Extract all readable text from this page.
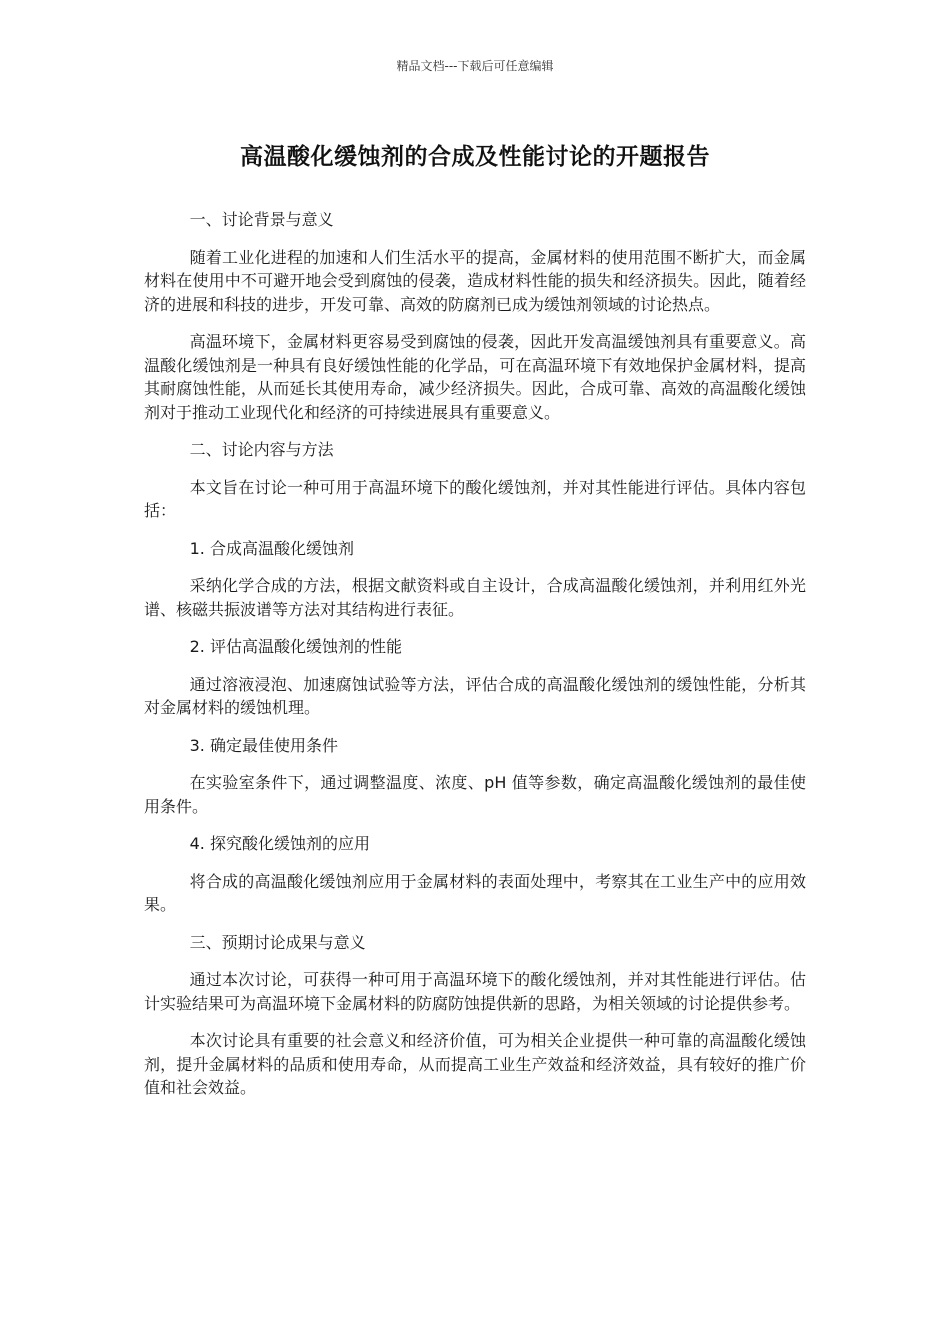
精品文档---下载后可任意编辑
高温酸化缓蚀剂的合成及性能讨论的开题报告

一、讨论背景与意义

随着工业化进程的加速和人们生活水平的提高，金属材料的使用范围不断扩大，而金属材料在使用中不可避开地会受到腐蚀的侵袭，造成材料性能的损失和经济损失。因此，随着经济的进展和科技的进步，开发可靠、高效的防腐剂已成为缓蚀剂领域的讨论热点。

高温环境下，金属材料更容易受到腐蚀的侵袭，因此开发高温缓蚀剂具有重要意义。高温酸化缓蚀剂是一种具有良好缓蚀性能的化学品，可在高温环境下有效地保护金属材料，提高其耐腐蚀性能，从而延长其使用寿命，减少经济损失。因此，合成可靠、高效的高温酸化缓蚀剂对于推动工业现代化和经济的可持续进展具有重要意义。

二、讨论内容与方法

本文旨在讨论一种可用于高温环境下的酸化缓蚀剂，并对其性能进行评估。具体内容包括：

1. 合成高温酸化缓蚀剂

采纳化学合成的方法，根据文献资料或自主设计，合成高温酸化缓蚀剂，并利用红外光谱、核磁共振波谱等方法对其结构进行表征。

2. 评估高温酸化缓蚀剂的性能

通过溶液浸泡、加速腐蚀试验等方法，评估合成的高温酸化缓蚀剂的缓蚀性能，分析其对金属材料的缓蚀机理。

3. 确定最佳使用条件

在实验室条件下，通过调整温度、浓度、pH 值等参数，确定高温酸化缓蚀剂的最佳使用条件。

4. 探究酸化缓蚀剂的应用

将合成的高温酸化缓蚀剂应用于金属材料的表面处理中，考察其在工业生产中的应用效果。

三、预期讨论成果与意义

通过本次讨论，可获得一种可用于高温环境下的酸化缓蚀剂，并对其性能进行评估。估计实验结果可为高温环境下金属材料的防腐防蚀提供新的思路，为相关领域的讨论提供参考。

本次讨论具有重要的社会意义和经济价值，可为相关企业提供一种可靠的高温酸化缓蚀剂，提升金属材料的品质和使用寿命，从而提高工业生产效益和经济效益，具有较好的推广价值和社会效益。
